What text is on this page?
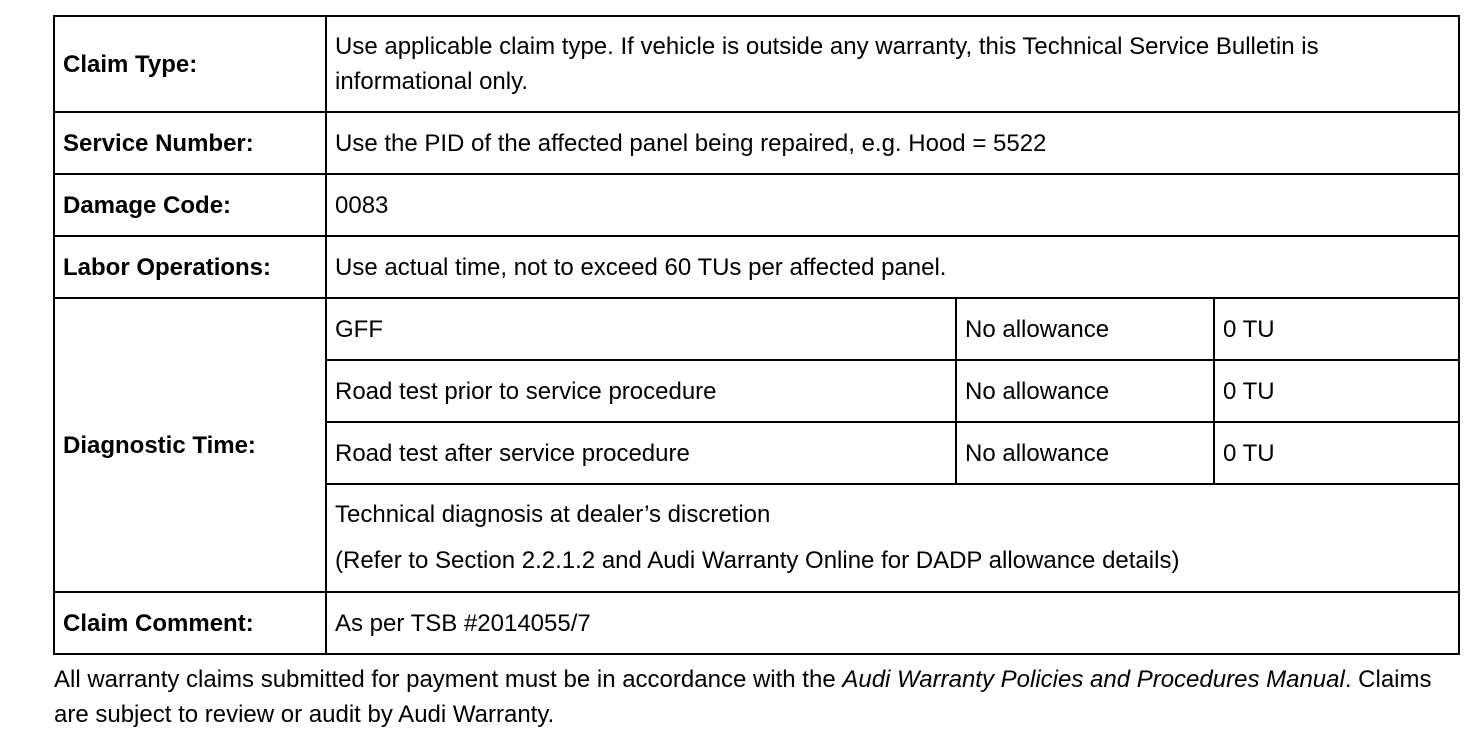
Claim Type:	Use applicable claim type. If vehicle is outside any warranty, this Technical Service Bulletin is informational only.		
Service Number:	Use the PID of the affected panel being repaired, e.g. Hood = 5522		
Damage Code:	0083		
Labor Operations:	Use actual time, not to exceed 60 TUs per affected panel.		
Diagnostic Time:	GFF	No allowance	0 TU
	Road test prior to service procedure	No allowance	0 TU
	Road test after service procedure	No allowance	0 TU

	Technical diagnosis at dealer’s discretion
(Refer to Section 2.2.1.2 and Audi Warranty Online for DADP allowance details)		

Claim Comment:	As per TSB #2014055/7		
All warranty claims submitted for payment must be in accordance with the Audi Warranty Policies and Procedures Manual. Claims are subject to review or audit by Audi Warranty.
